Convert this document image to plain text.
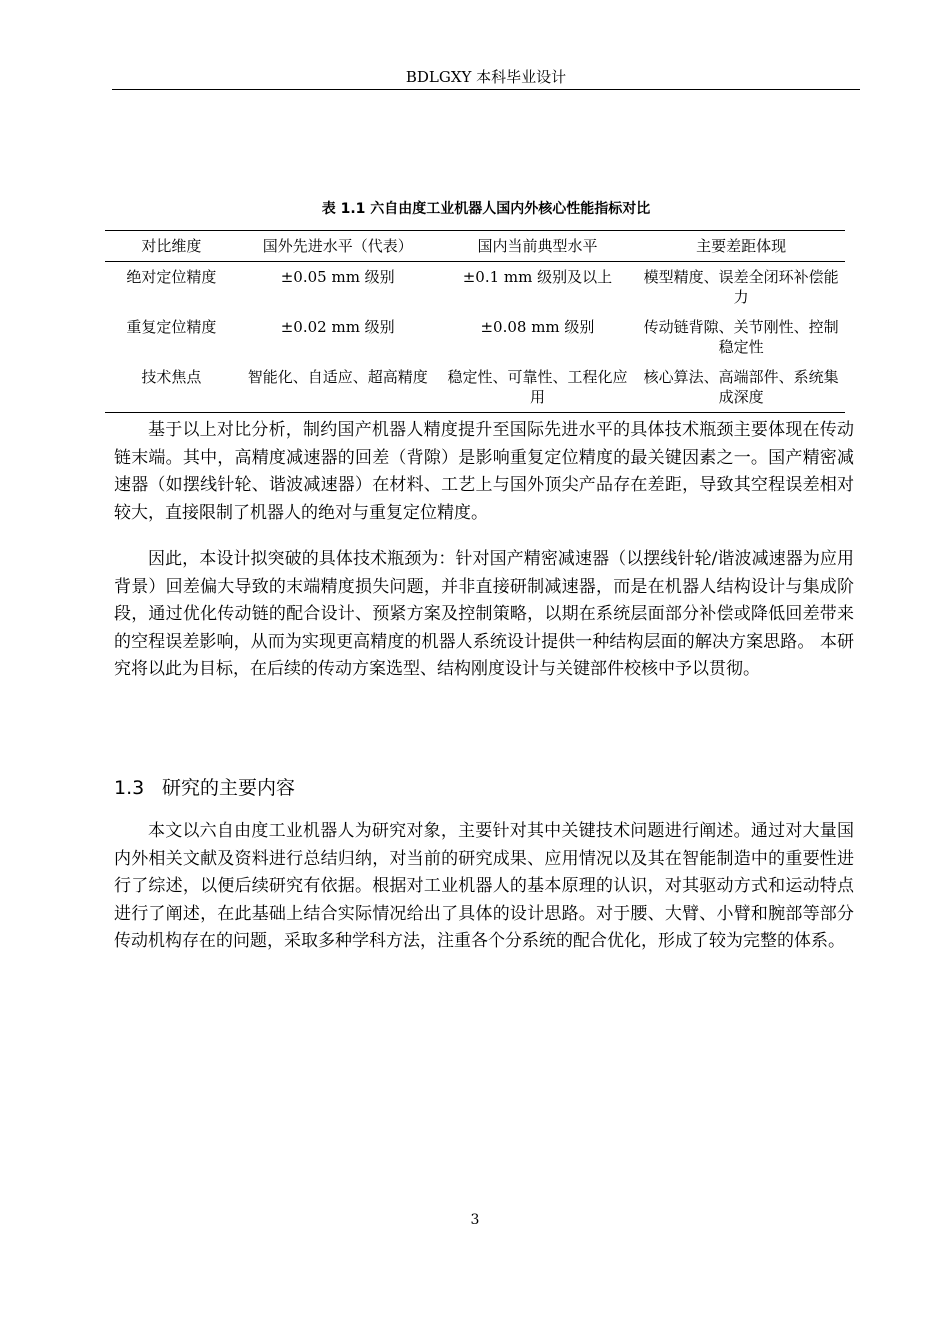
BDLGXY 本科毕业设计
表 1.1 六自由度工业机器人国内外核心性能指标对比
对比维度	国外先进水平（代表）	国内当前典型水平	主要差距体现
绝对定位精度	±0.05 mm 级别	±0.1 mm 级别及以上	模型精度、误差全闭环补偿能力
重复定位精度	±0.02 mm 级别	±0.08 mm 级别	传动链背隙、关节刚性、控制稳定性
技术焦点	智能化、自适应、超高精度	稳定性、可靠性、工程化应用	核心算法、高端部件、系统集成深度

基于以上对比分析，制约国产机器人精度提升至国际先进水平的具体技术瓶颈主要体现在传动链末端。其中，高精度减速器的回差（背隙）是影响重复定位精度的最关键因素之一。国产精密减速器（如摆线针轮、谐波减速器）在材料、工艺上与国外顶尖产品存在差距，导致其空程误差相对较大，直接限制了机器人的绝对与重复定位精度。

因此，本设计拟突破的具体技术瓶颈为：针对国产精密减速器（以摆线针轮/谐波减速器为应用背景）回差偏大导致的末端精度损失问题，并非直接研制减速器，而是在机器人结构设计与集成阶段，通过优化传动链的配合设计、预紧方案及控制策略，以期在系统层面部分补偿或降低回差带来的空程误差影响，从而为实现更高精度的机器人系统设计提供一种结构层面的解决方案思路。 本研究将以此为目标，在后续的传动方案选型、结构刚度设计与关键部件校核中予以贯彻。

1.3 研究的主要内容

本文以六自由度工业机器人为研究对象，主要针对其中关键技术问题进行阐述。通过对大量国内外相关文献及资料进行总结归纳，对当前的研究成果、应用情况以及其在智能制造中的重要性进行了综述，以便后续研究有依据。根据对工业机器人的基本原理的认识，对其驱动方式和运动特点进行了阐述，在此基础上结合实际情况给出了具体的设计思路。对于腰、大臂、小臂和腕部等部分传动机构存在的问题，采取多种学科方法，注重各个分系统的配合优化，形成了较为完整的体系。

3
